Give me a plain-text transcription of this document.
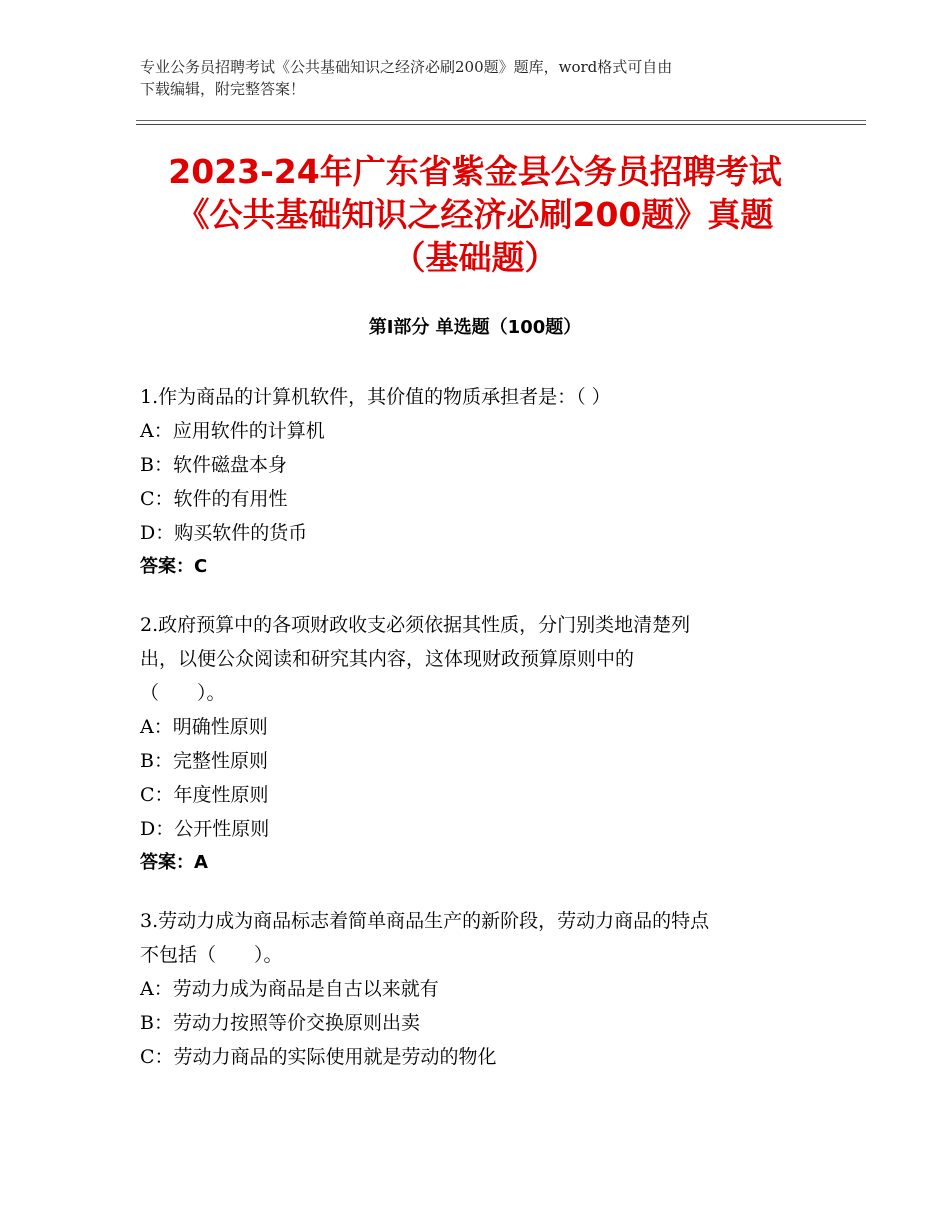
专业公务员招聘考试《公共基础知识之经济必刷200题》题库，word格式可自由
下载编辑，附完整答案！
2023-24年广东省紫金县公务员招聘考试
《公共基础知识之经济必刷200题》真题
（基础题）
第Ⅰ部分 单选题（100题）
1.作为商品的计算机软件，其价值的物质承担者是：（ ）
A：应用软件的计算机
B：软件磁盘本身
C：软件的有用性
D：购买软件的货币
答案：C
2.政府预算中的各项财政收支必须依据其性质，分门别类地清楚列
出，以便公众阅读和研究其内容，这体现财政预算原则中的
（　　）。
A：明确性原则
B：完整性原则
C：年度性原则
D：公开性原则
答案：A
3.劳动力成为商品标志着简单商品生产的新阶段，劳动力商品的特点
不包括（　　）。
A：劳动力成为商品是自古以来就有
B：劳动力按照等价交换原则出卖
C：劳动力商品的实际使用就是劳动的物化
